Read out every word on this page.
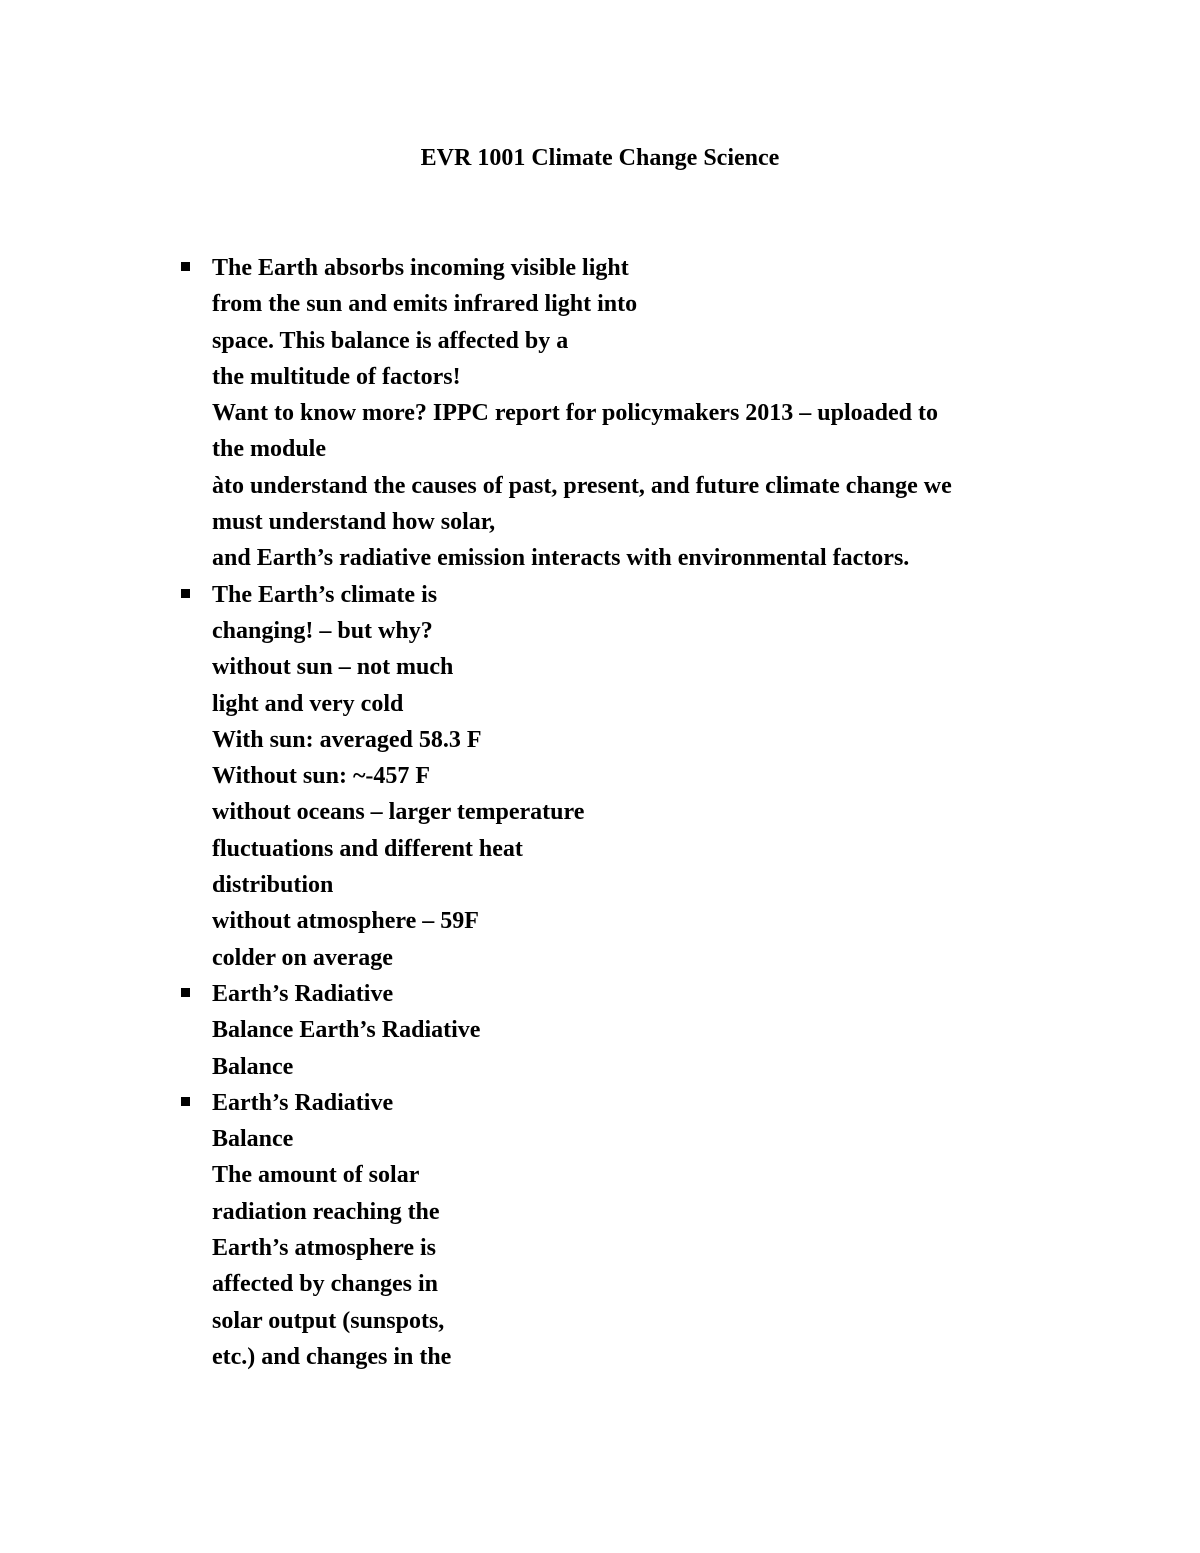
EVR 1001 Climate Change Science
The Earth absorbs incoming visible light
from the sun and emits infrared light into
space. This balance is affected by a
the multitude of factors!
Want to know more? IPPC report for policymakers 2013 – uploaded to
the module
àto understand the causes of past, present, and future climate change we
must understand how solar,
and Earth’s radiative emission interacts with environmental factors.
The Earth’s climate is
changing! – but why?
without sun – not much
light and very cold
With sun: averaged 58.3 F
Without sun: ~-457 F
without oceans – larger temperature
fluctuations and different heat
distribution
without atmosphere – 59F
colder on average
Earth’s Radiative
Balance Earth’s Radiative
Balance
Earth’s Radiative
Balance
The amount of solar
radiation reaching the
Earth’s atmosphere is
affected by changes in
solar output (sunspots,
etc.) and changes in the
